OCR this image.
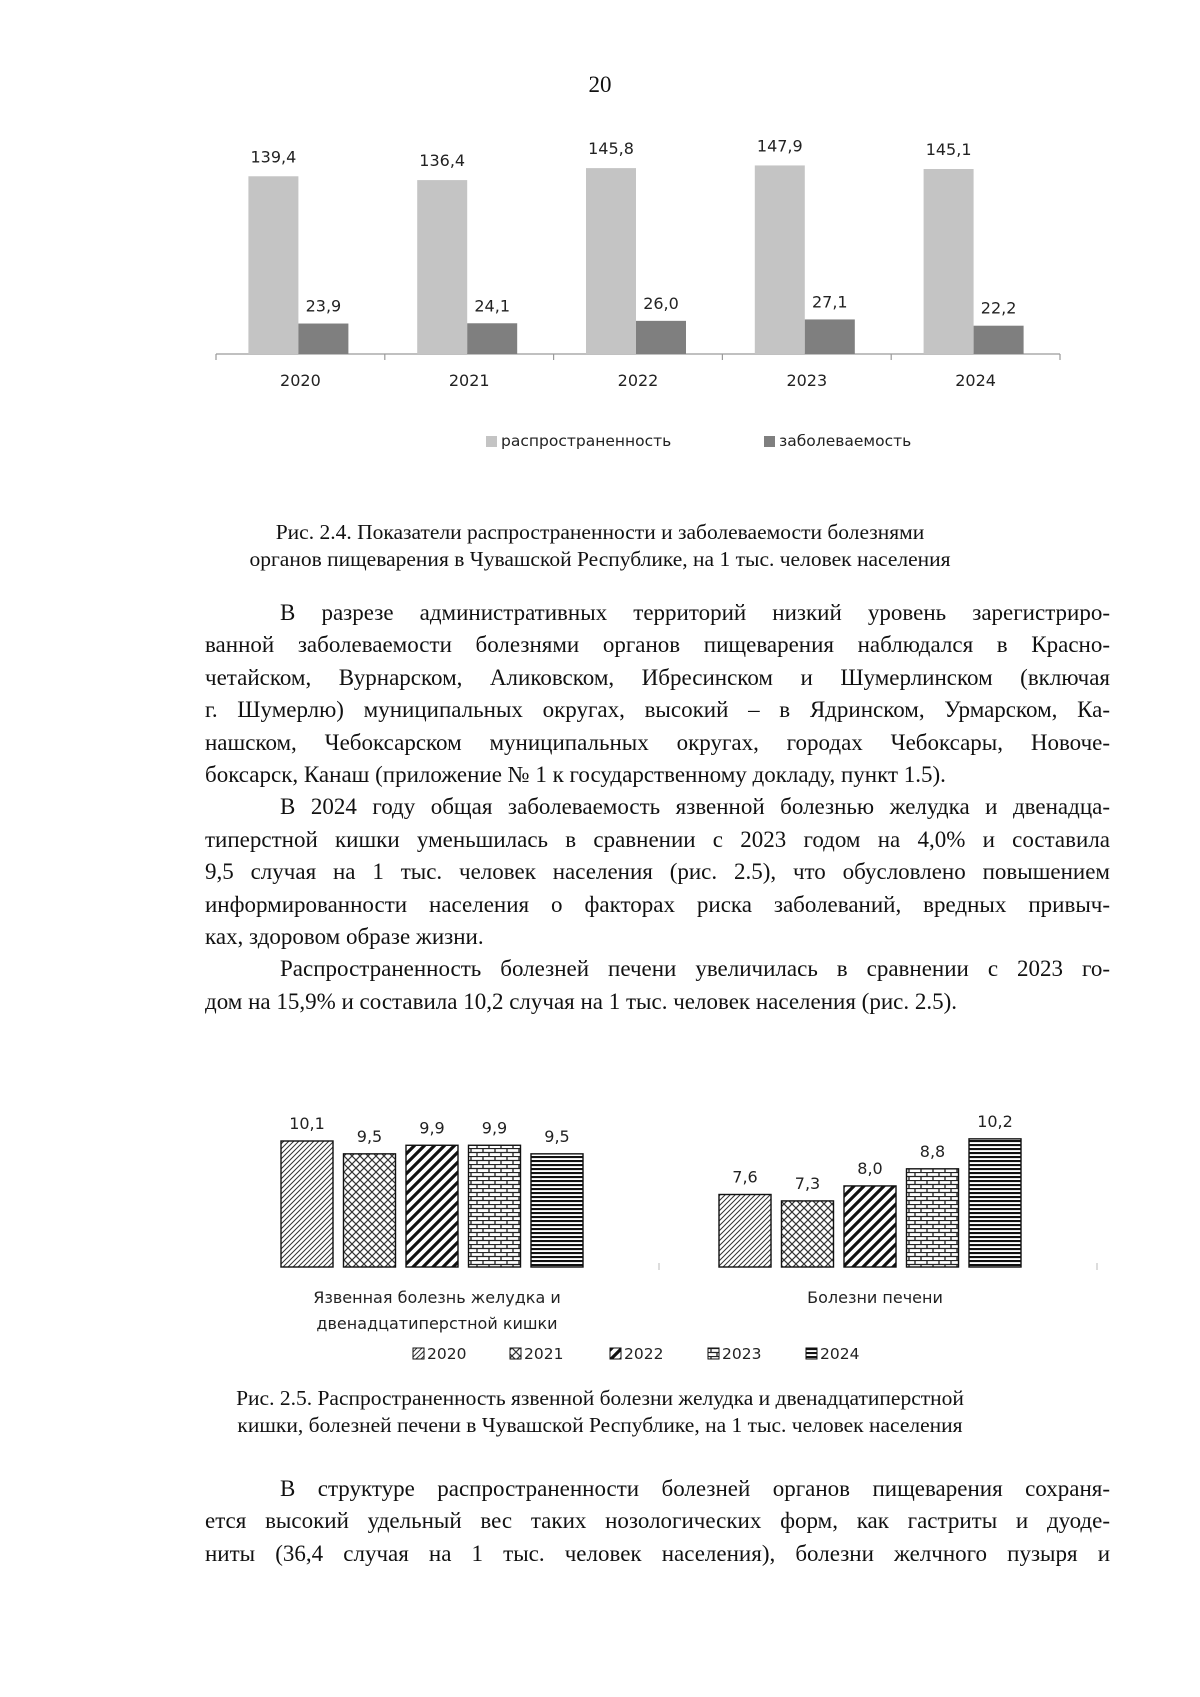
20
139,4
23,9
2020
136,4
24,1
2021
145,8
26,0
2022
147,9
27,1
2023
145,1
22,2
2024
распространенность	заболеваемость
Рис. 2.4. Показатели распространенности и заболеваемости болезнями
органов пищеварения в Чувашской Республике, на 1 тыс. человек населения
В разрезе административных территорий низкий уровень зарегистриро-
ванной заболеваемости болезнями органов пищеварения наблюдался в Красно-
четайском, Вурнарском, Аликовском, Ибресинском и Шумерлинском (включая
г. Шумерлю) муниципальных округах, высокий – в Ядринском, Урмарском, Ка-
нашском, Чебоксарском муниципальных округах, городах Чебоксары, Новоче-
боксарск, Канаш (приложение № 1 к государственному докладу, пункт 1.5).
В 2024 году общая заболеваемость язвенной болезнью желудка и двенадца-
типерстной кишки уменьшилась в сравнении с 2023 годом на 4,0% и составила
9,5 случая на 1 тыс. человек населения (рис. 2.5), что обусловлено повышением
информированности населения о факторах риска заболеваний, вредных привыч-
ках, здоровом образе жизни.
Распространенность болезней печени увеличилась в сравнении с 2023 го-
дом на 15,9% и составила 10,2 случая на 1 тыс. человек населения (рис. 2.5).
10,1
9,5 9,9 9,9 9,5
Язвенная болезнь желудка и
двенадцатиперстной кишки
7,6 7,3
8,0
8,8
10,2
Болезни печени
2020	2021	2022	2023	2024
Рис. 2.5. Распространенность язвенной болезни желудка и двенадцатиперстной
кишки, болезней печени в Чувашской Республике, на 1 тыс. человек населения
В структуре распространенности болезней органов пищеварения сохраня-
ется высокий удельный вес таких нозологических форм, как гастриты и дуоде-
ниты (36,4 случая на 1 тыс. человек населения), болезни желчного пузыря и
